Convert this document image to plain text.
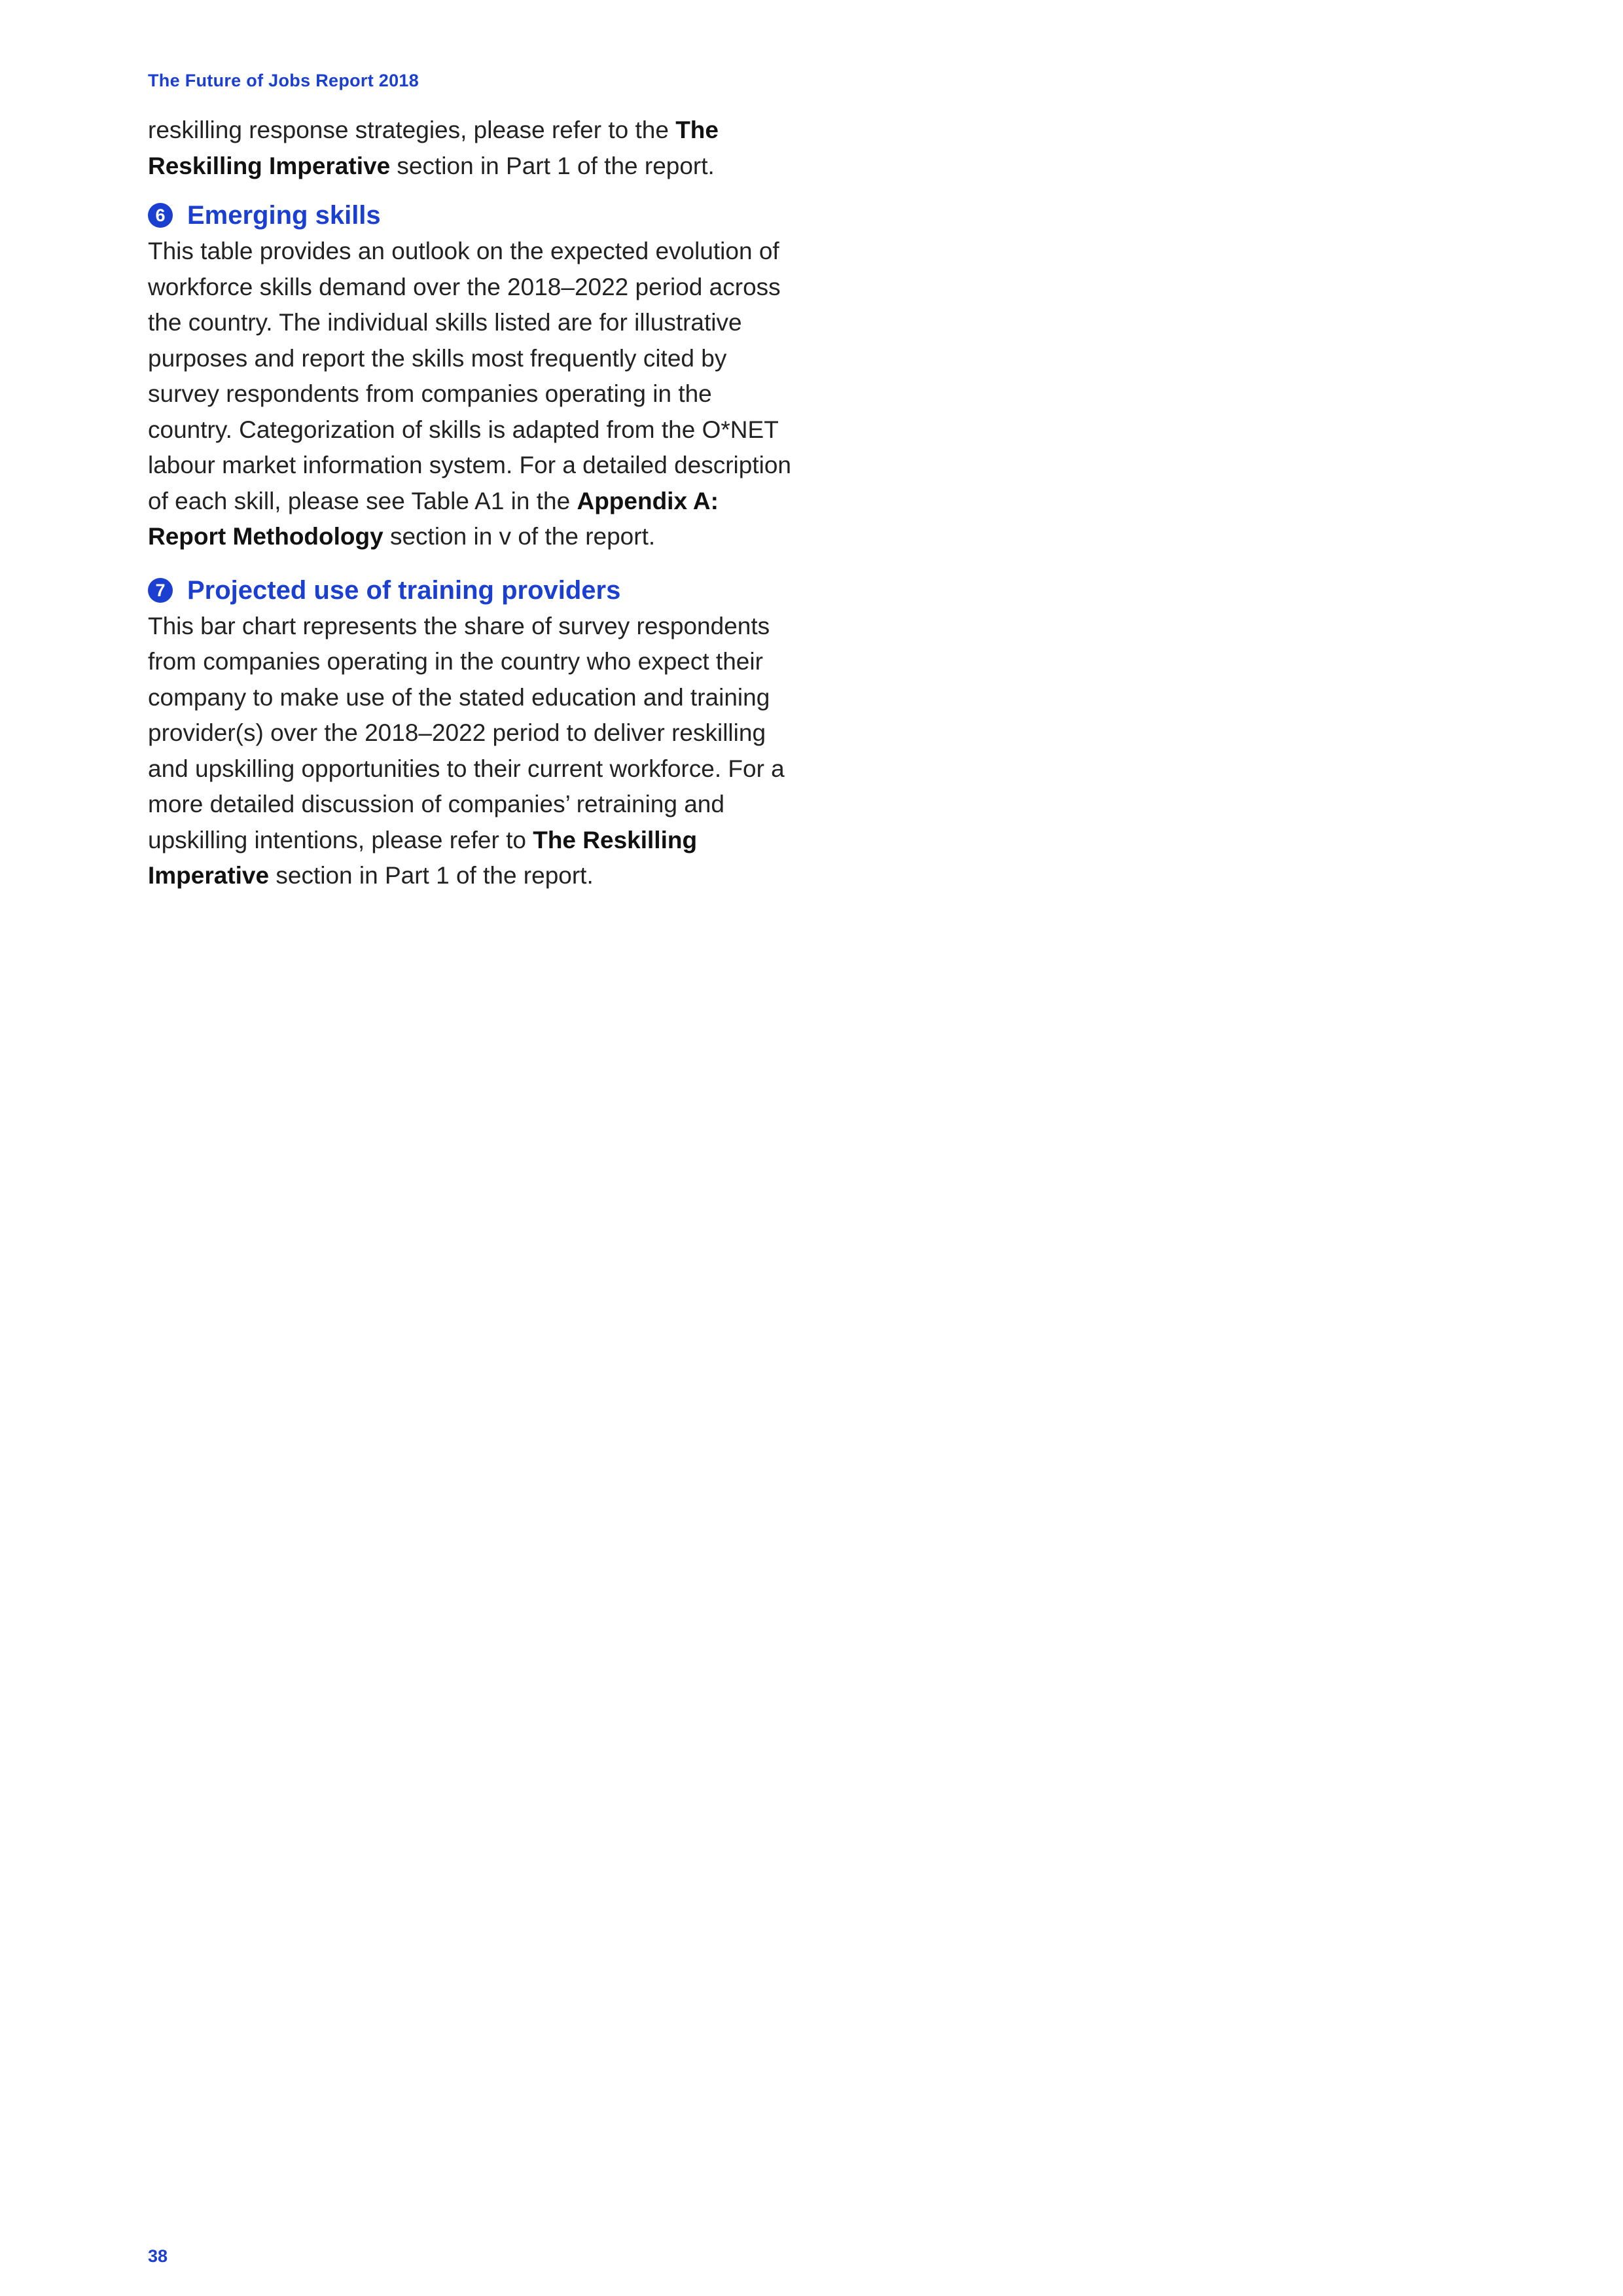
The Future of Jobs Report 2018

reskilling response strategies, please refer to the The Reskilling Imperative section in Part 1 of the report.

6 Emerging skills

This table provides an outlook on the expected evolution of workforce skills demand over the 2018–2022 period across the country. The individual skills listed are for illustrative purposes and report the skills most frequently cited by survey respondents from companies operating in the country. Categorization of skills is adapted from the O*NET labour market information system. For a detailed description of each skill, please see Table A1 in the Appendix A: Report Methodology section in v of the report.

7 Projected use of training providers

This bar chart represents the share of survey respondents from companies operating in the country who expect their company to make use of the stated education and training provider(s) over the 2018–2022 period to deliver reskilling and upskilling opportunities to their current workforce. For a more detailed discussion of companies’ retraining and upskilling intentions, please refer to The Reskilling Imperative section in Part 1 of the report.

38
